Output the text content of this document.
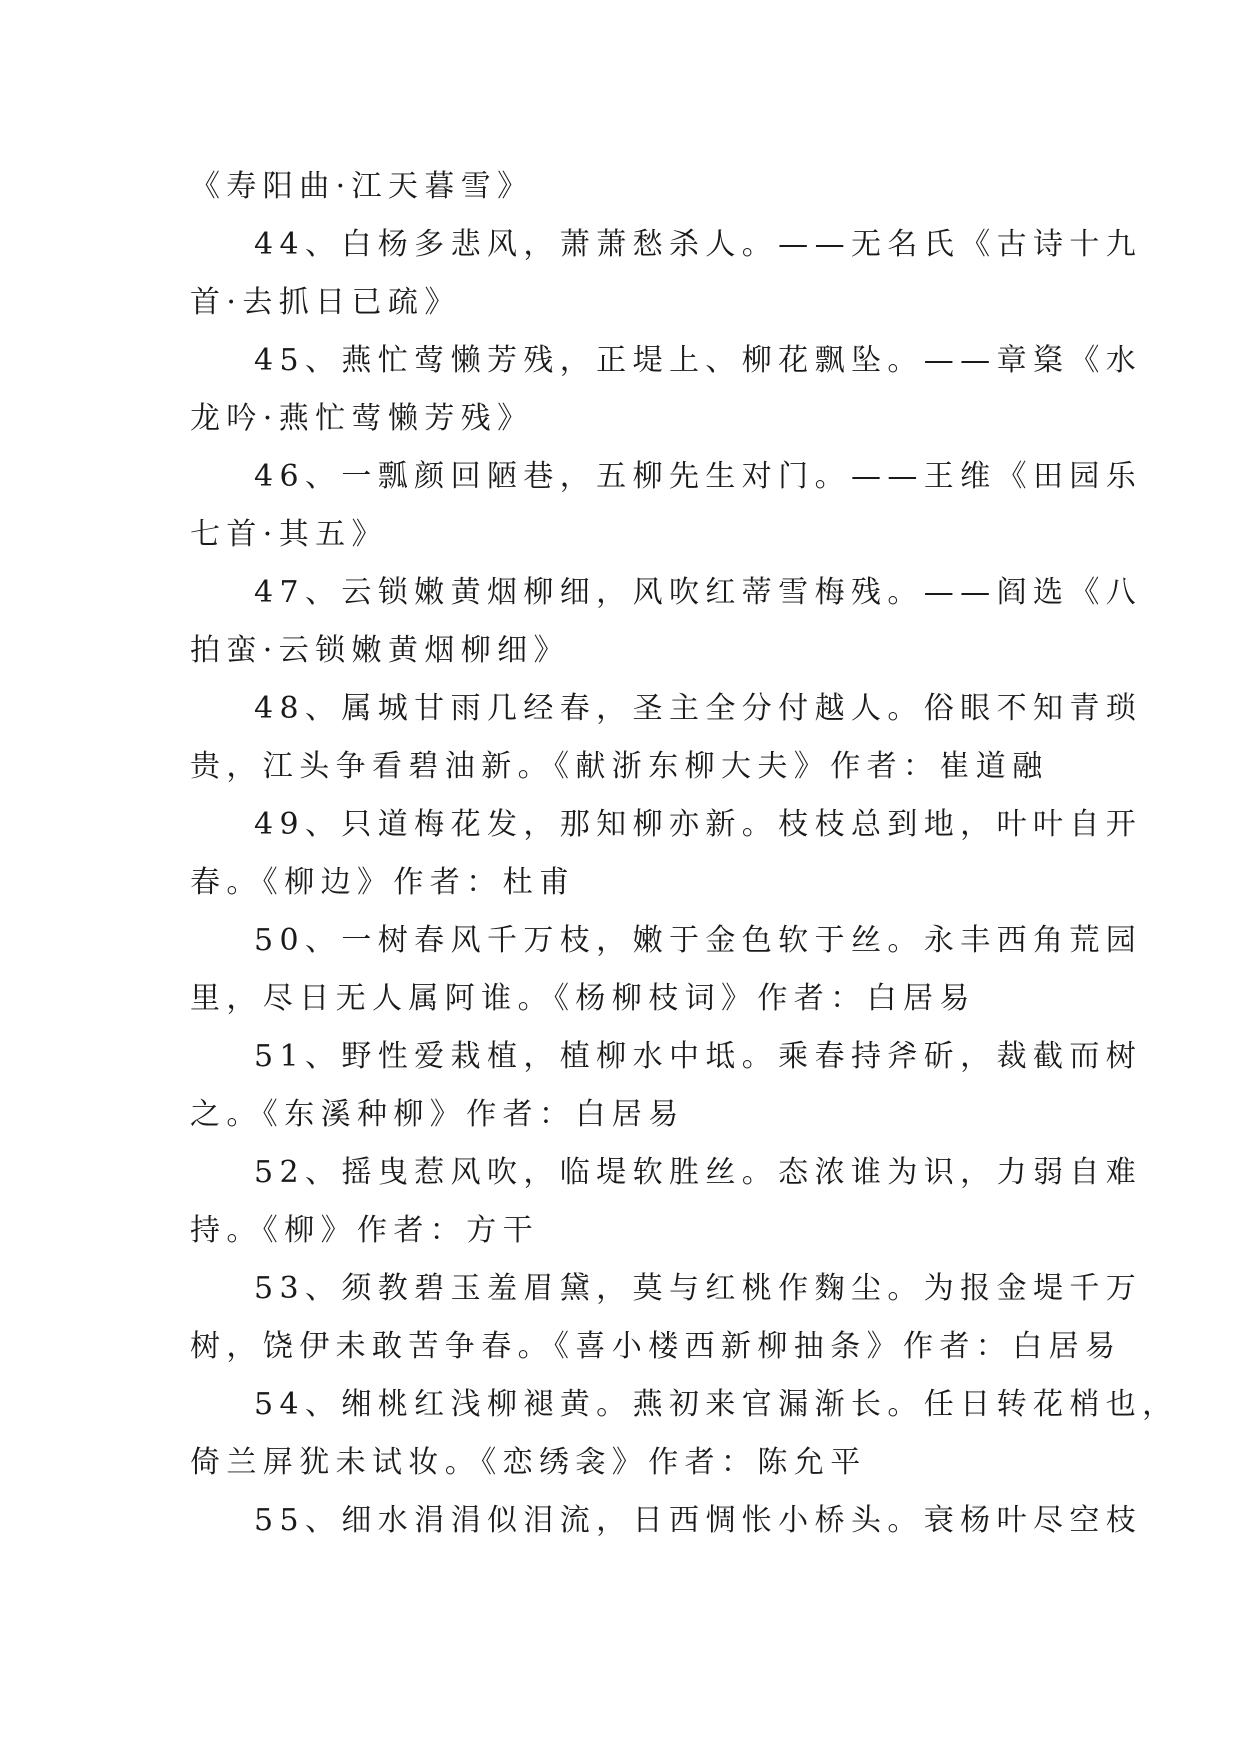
《寿阳曲·江天暮雪》
44、白杨多悲风，萧萧愁杀人。——无名氏《古诗十九
首·去抓日已疏》
45、燕忙莺懒芳残，正堤上、柳花飘坠。——章楶《水
龙吟·燕忙莺懒芳残》
46、一瓢颜回陋巷，五柳先生对门。——王维《田园乐
七首·其五》
47、云锁嫩黄烟柳细，风吹红蒂雪梅残。——阎选《八
拍蛮·云锁嫩黄烟柳细》
48、属城甘雨几经春，圣主全分付越人。俗眼不知青琐
贵，江头争看碧油新。《献浙东柳大夫》作者：崔道融
49、只道梅花发，那知柳亦新。枝枝总到地，叶叶自开
春。《柳边》作者：杜甫
50、一树春风千万枝，嫩于金色软于丝。永丰西角荒园
里，尽日无人属阿谁。《杨柳枝词》作者：白居易
51、野性爱栽植，植柳水中坻。乘春持斧斫，裁截而树
之。《东溪种柳》作者：白居易
52、摇曳惹风吹，临堤软胜丝。态浓谁为识，力弱自难
持。《柳》作者：方干
53、须教碧玉羞眉黛，莫与红桃作麴尘。为报金堤千万
树，饶伊未敢苦争春。《喜小楼西新柳抽条》作者：白居易
54、缃桃红浅柳褪黄。燕初来官漏渐长。任日转花梢也，
倚兰屏犹未试妆。《恋绣衾》作者：陈允平
55、细水涓涓似泪流，日西惆怅小桥头。衰杨叶尽空枝
